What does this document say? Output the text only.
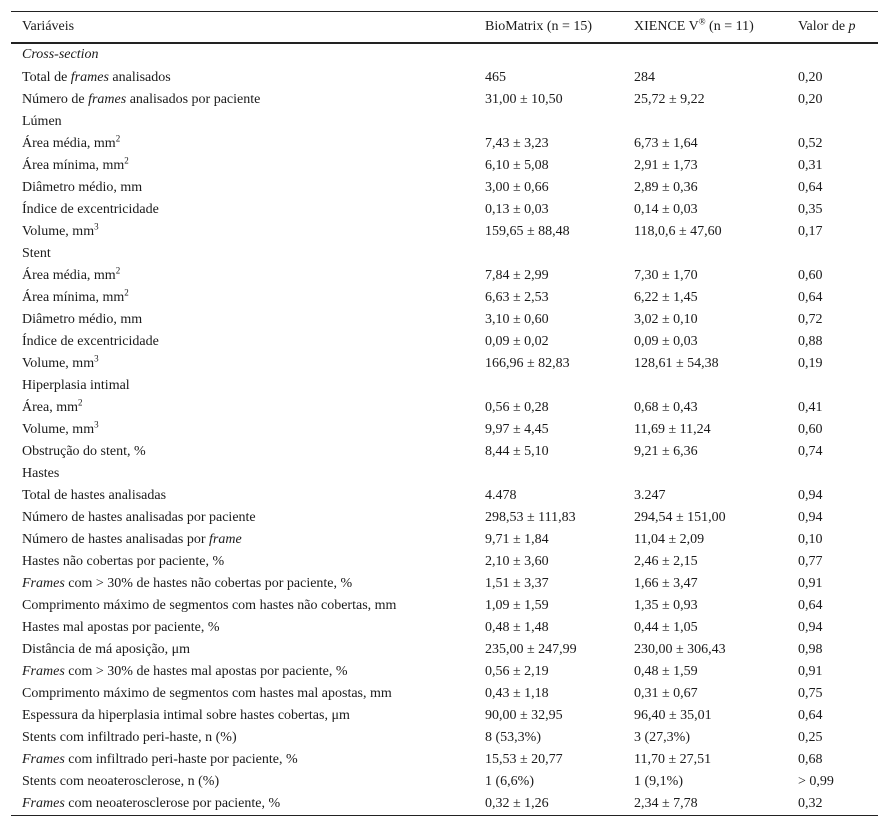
Variáveis	BioMatrix (n = 15)	XIENCE V® (n = 11)	Valor de p
Cross-section			
Total de frames analisados	465	284	0,20
Número de frames analisados por paciente	31,00 ± 10,50	25,72 ± 9,22	0,20
Lúmen			
Área média, $mm^2$	7,43 ± 3,23	6,73 ± 1,64	0,52
Área mínima, $mm^2$	6,10 ± 5,08	2,91 ± 1,73	0,31
Diâmetro médio, mm	3,00 ± 0,66	2,89 ± 0,36	0,64
Índice de excentricidade	0,13 ± 0,03	0,14 ± 0,03	0,35
Volume, $mm^3$	159,65 ± 88,48	118,0,6 ± 47,60	0,17
Stent			
Área média, $mm^2$	7,84 ± 2,99	7,30 ± 1,70	0,60
Área mínima, $mm^2$	6,63 ± 2,53	6,22 ± 1,45	0,64
Diâmetro médio, mm	3,10 ± 0,60	3,02 ± 0,10	0,72
Índice de excentricidade	0,09 ± 0,02	0,09 ± 0,03	0,88
Volume, $mm^3$	166,96 ± 82,83	128,61 ± 54,38	0,19
Hiperplasia intimal			
Área, $mm^2$	0,56 ± 0,28	0,68 ± 0,43	0,41
Volume, $mm^3$	9,97 ± 4,45	11,69 ± 11,24	0,60
Obstrução do stent, %	8,44 ± 5,10	9,21 ± 6,36	0,74
Hastes			
Total de hastes analisadas	4.478	3.247	0,94
Número de hastes analisadas por paciente	298,53 ± 111,83	294,54 ± 151,00	0,94
Número de hastes analisadas por frame	9,71 ± 1,84	11,04 ± 2,09	0,10
Hastes não cobertas por paciente, %	2,10 ± 3,60	2,46 ± 2,15	0,77
Frames com > 30% de hastes não cobertas por paciente, %	1,51 ± 3,37	1,66 ± 3,47	0,91
Comprimento máximo de segmentos com hastes não cobertas, mm	1,09 ± 1,59	1,35 ± 0,93	0,64
Hastes mal apostas por paciente, %	0,48 ± 1,48	0,44 ± 1,05	0,94
Distância de má aposição, μm	235,00 ± 247,99	230,00 ± 306,43	0,98
Frames com > 30% de hastes mal apostas por paciente, %	0,56 ± 2,19	0,48 ± 1,59	0,91
Comprimento máximo de segmentos com hastes mal apostas, mm	0,43 ± 1,18	0,31 ± 0,67	0,75
Espessura da hiperplasia intimal sobre hastes cobertas, μm	90,00 ± 32,95	96,40 ± 35,01	0,64
Stents com infiltrado peri-haste, n (%)	8 (53,3%)	3 (27,3%)	0,25
Frames com infiltrado peri-haste por paciente, %	15,53 ± 20,77	11,70 ± 27,51	0,68
Stents com neoaterosclerose, n (%)	1 (6,6%)	1 (9,1%)	> 0,99
Frames com neoaterosclerose por paciente, %	0,32 ± 1,26	2,34 ± 7,78	0,32
